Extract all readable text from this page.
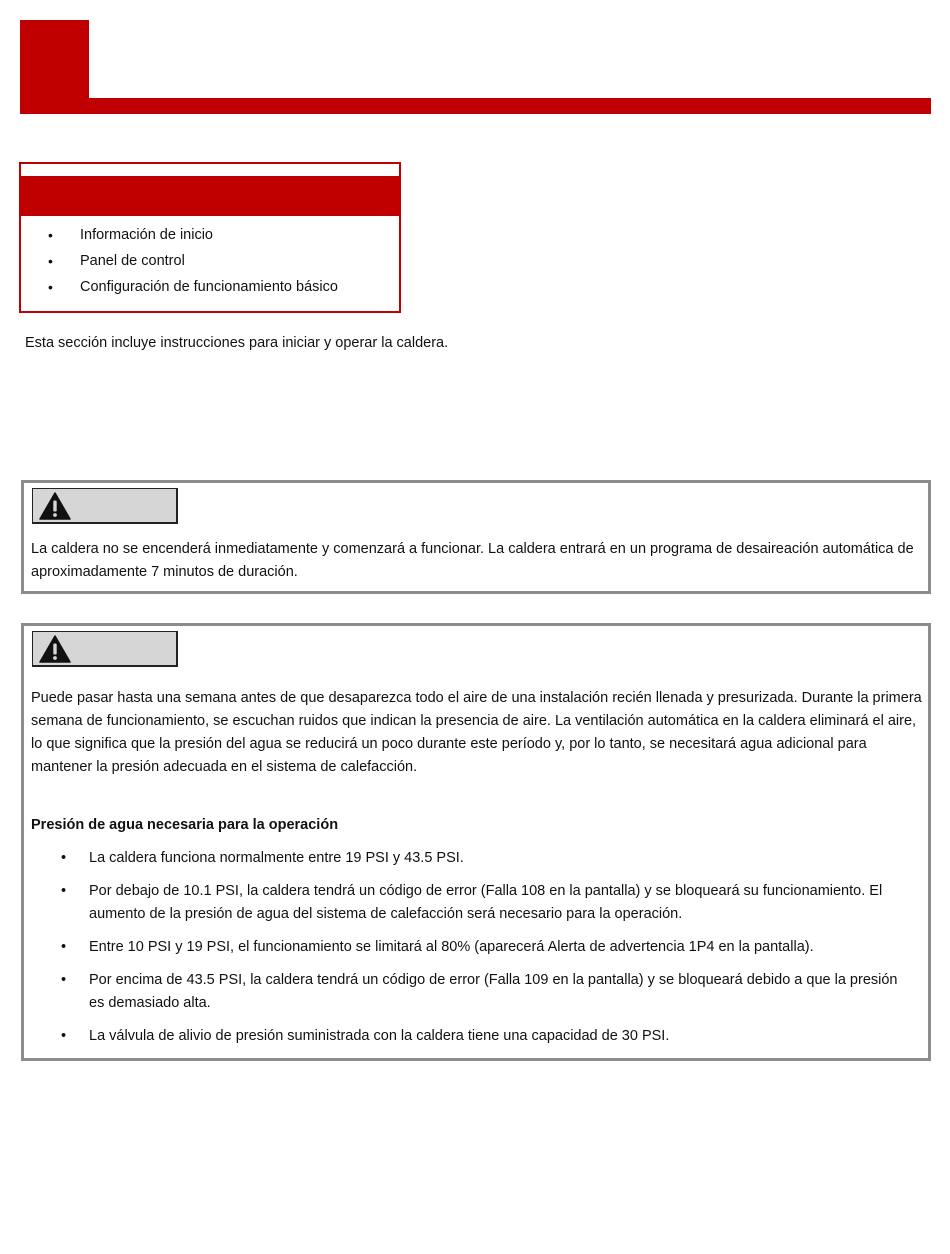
• Información de inicio
• Panel de control
• Configuración de funcionamiento básico
Esta sección incluye instrucciones para iniciar y operar la caldera.

La caldera no se encenderá inmediatamente y comenzará a funcionar. La caldera entrará en un programa de desaireación automática de aproximadamente 7 minutos de duración.

Puede pasar hasta una semana antes de que desaparezca todo el aire de una instalación recién llenada y presurizada. Durante la primera semana de funcionamiento, se escuchan ruidos que indican la presencia de aire. La ventilación automática en la caldera eliminará el aire, lo que significa que la presión del agua se reducirá un poco durante este período y, por lo tanto, se necesitará agua adicional para mantener la presión adecuada en el sistema de calefacción.

Presión de agua necesaria para la operación
• La caldera funciona normalmente entre 19 PSI y 43.5 PSI.
• Por debajo de 10.1 PSI, la caldera tendrá un código de error (Falla 108 en la pantalla) y se bloqueará su funcionamiento. El aumento de la presión de agua del sistema de calefacción será necesario para la operación.
• Entre 10 PSI y 19 PSI, el funcionamiento se limitará al 80% (aparecerá Alerta de advertencia 1P4 en la pantalla).
• Por encima de 43.5 PSI, la caldera tendrá un código de error (Falla 109 en la pantalla) y se bloqueará debido a que la presión es demasiado alta.
• La válvula de alivio de presión suministrada con la caldera tiene una capacidad de 30 PSI.
